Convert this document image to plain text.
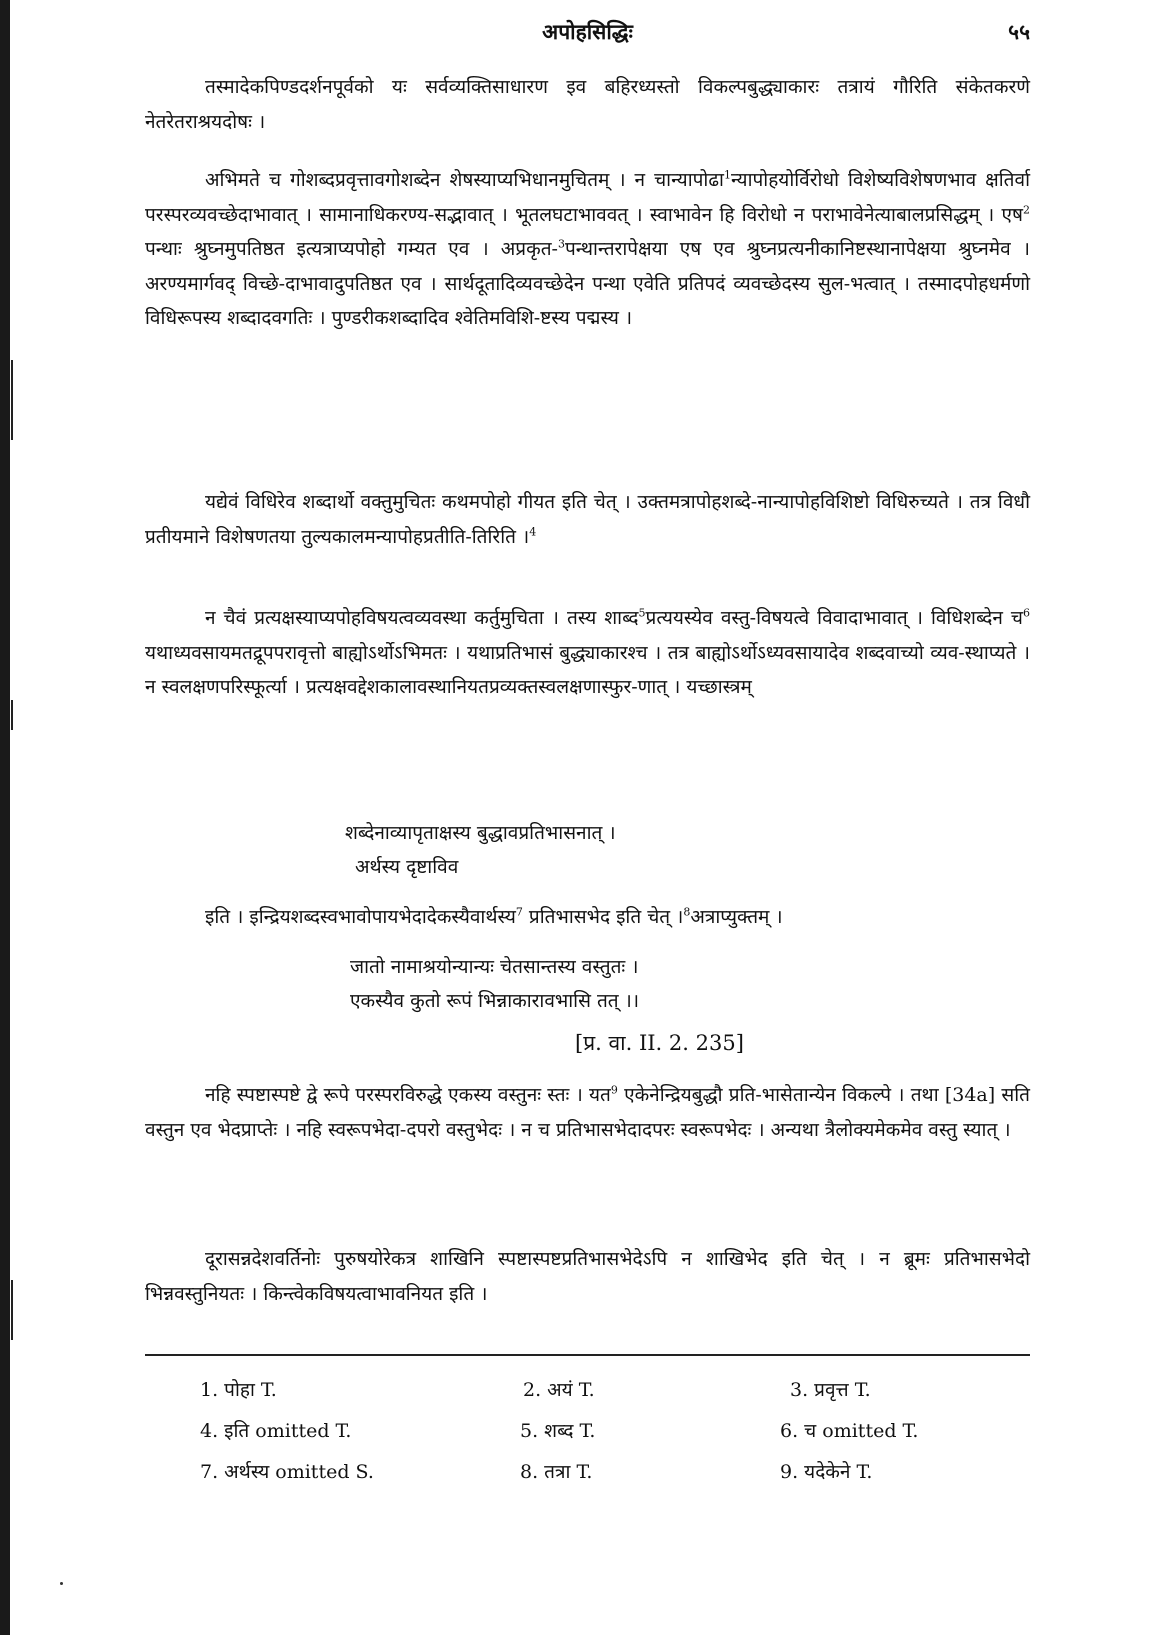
अपोहसिद्धिः	५५

तस्मादेकपिण्डदर्शनपूर्वको यः सर्वव्यक्तिसाधारण इव बहिरध्यस्तो विकल्पबुद्ध्याकारः तत्रायं गौरिति संकेतकरणे नेतरेतराश्रयदोषः ।

अभिमते च गोशब्दप्रवृत्तावगोशब्देन शेषस्याप्यभिधानमुचितम् । न चान्यापोढा$^1$न्यापोहयोर्विरोधो विशेष्यविशेषणभाव क्षतिर्वा परस्परव्यवच्छेदाभावात् । सामानाधिकरण्य-सद्भावात् । भूतलघटाभाववत् । स्वाभावेन हि विरोधो न पराभावेनेत्याबालप्रसिद्धम् । एष$^2$ पन्थाः श्रुघ्नमुपतिष्ठत इत्यत्राप्यपोहो गम्यत एव । अप्रकृत-$^3$पन्थान्तरापेक्षया एष एव श्रुघ्नप्रत्यनीकानिष्टस्थानापेक्षया श्रुघ्नमेव । अरण्यमार्गवद् विच्छे-दाभावादुपतिष्ठत एव । सार्थदूतादिव्यवच्छेदेन पन्था एवेति प्रतिपदं व्यवच्छेदस्य सुल-भत्वात् । तस्मादपोहधर्मणो विधिरूपस्य शब्दादवगतिः । पुण्डरीकशब्दादिव श्वेतिमविशि-ष्टस्य पद्मस्य ।

यद्येवं विधिरेव शब्दार्थो वक्तुमुचितः कथमपोहो गीयत इति चेत् । उक्तमत्रापोहशब्दे-नान्यापोहविशिष्टो विधिरुच्यते । तत्र विधौ प्रतीयमाने विशेषणतया तुल्यकालमन्यापोहप्रतीति-तिरिति ।$^4$

न चैवं प्रत्यक्षस्याप्यपोहविषयत्वव्यवस्था कर्तुमुचिता । तस्य शाब्द$^5$प्रत्ययस्येव वस्तु-विषयत्वे विवादाभावात् । विधिशब्देन च$^6$ यथाध्यवसायमतद्रूपपरावृत्तो बाह्योऽर्थोऽभिमतः । यथाप्रतिभासं बुद्ध्याकारश्च । तत्र बाह्योऽर्थोऽध्यवसायादेव शब्दवाच्यो व्यव-स्थाप्यते । न स्वलक्षणपरिस्फूर्त्या । प्रत्यक्षवद्देशकालावस्थानियतप्रव्यक्तस्वलक्षणास्फुर-णात् । यच्छास्त्रम्

शब्देनाव्यापृताक्षस्य बुद्धावप्रतिभासनात् ।
अर्थस्य दृष्टाविव

इति । इन्द्रियशब्दस्वभावोपायभेदादेकस्यैवार्थस्य$^7$ प्रतिभासभेद इति चेत् ।$^8$अत्राप्युक्तम् ।

जातो नामाश्रयोन्यान्यः चेतसान्तस्य वस्तुतः ।
एकस्यैव कुतो रूपं भिन्नाकारावभासि तत् ।।
[प्र. वा. II. 2. 235]

नहि स्पष्टास्पष्टे द्वे रूपे परस्परविरुद्धे एकस्य वस्तुनः स्तः । यत$^9$ एकेनेन्द्रियबुद्धौ प्रति-भासेतान्येन विकल्पे । तथा [34a] सति वस्तुन एव भेदप्राप्तेः । नहि स्वरूपभेदा-दपरो वस्तुभेदः । न च प्रतिभासभेदादपरः स्वरूपभेदः । अन्यथा त्रैलोक्यमेकमेव वस्तु स्यात् ।

दूरासन्नदेशवर्तिनोः पुरुषयोरेकत्र शाखिनि स्पष्टास्पष्टप्रतिभासभेदेऽपि न शाखिभेद इति चेत् । न ब्रूमः प्रतिभासभेदो भिन्नवस्तुनियतः । किन्त्वेकविषयत्वाभावनियत इति ।

1. पोहा T.	2. अयं T.	3. प्रवृत्त T.
4. इति omitted T.	5. शब्द T.	6. च omitted T.
7. अर्थस्य omitted S.	8. तत्रा T.	9. यदेकेने T.
